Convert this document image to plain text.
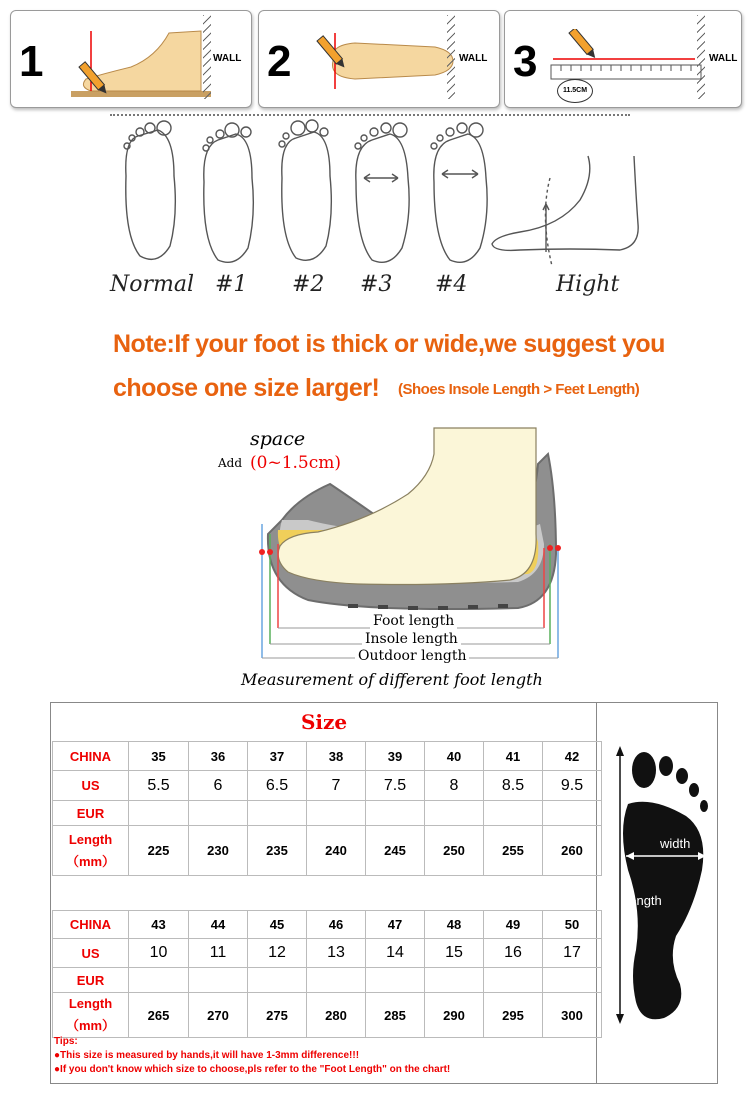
1	WALL 2	WALL 3
11.5CM
WALL
Normal #1 #2 #3 #4	Hight
Note:If your foot is thick or wide,we suggest you
choose one size larger! (Shoes Insole Length > Feet Length)
space
Add (0~1.5cm)
Foot length
Insole length
Outdoor length
Measurement of different foot length
Size
CHINA	35	36	37	38	39	40	41	42
US	5.5	6	6.5	7	7.5	8	8.5	9.5
EUR								
Length
（mm）	225	230	235	240	245	250	255	260
CHINA	43	44	45	46	47	48	49	50
US	10	11	12	13	14	15	16	17
EUR								
Length
（mm）	265	270	275	280	285	290	295	300
width
Length
Tips:
●This size is measured by hands,it will have 1-3mm difference!!!
●If you don't know which size to choose,pls refer to the "Foot Length" on the chart!
